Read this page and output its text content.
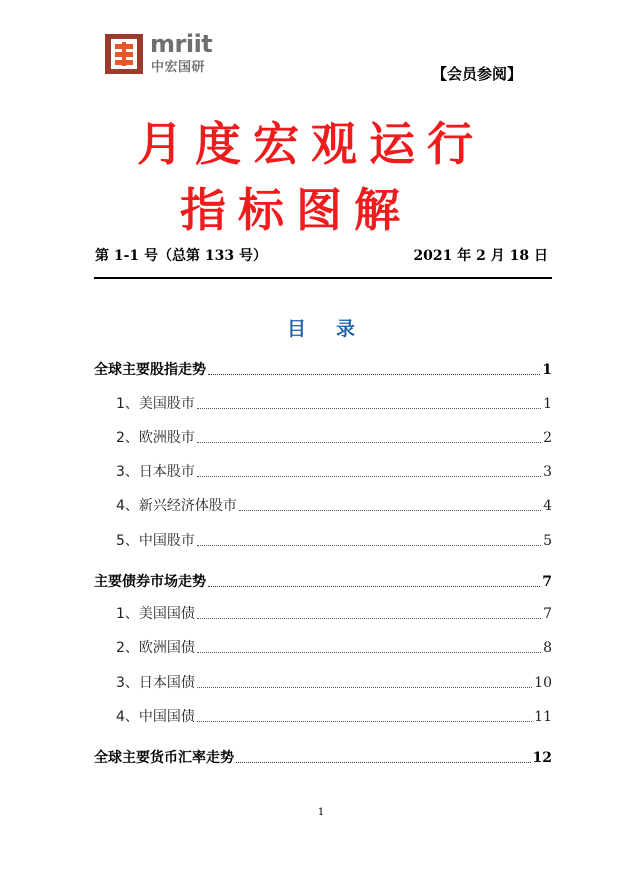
mriit
中宏国研	【会员参阅】
月度宏观运行
指标图解
第 1-1 号（总第 133 号）	2021 年 2 月 18 日
目录
全球主要股指走势	1
1、美国股市	1
2、欧洲股市	2
3、日本股市	3
4、新兴经济体股市	4
5、中国股市	5
主要债券市场走势	7
1、美国国债	7
2、欧洲国债	8
3、日本国债	10
4、中国国债	11
全球主要货币汇率走势	12
1
